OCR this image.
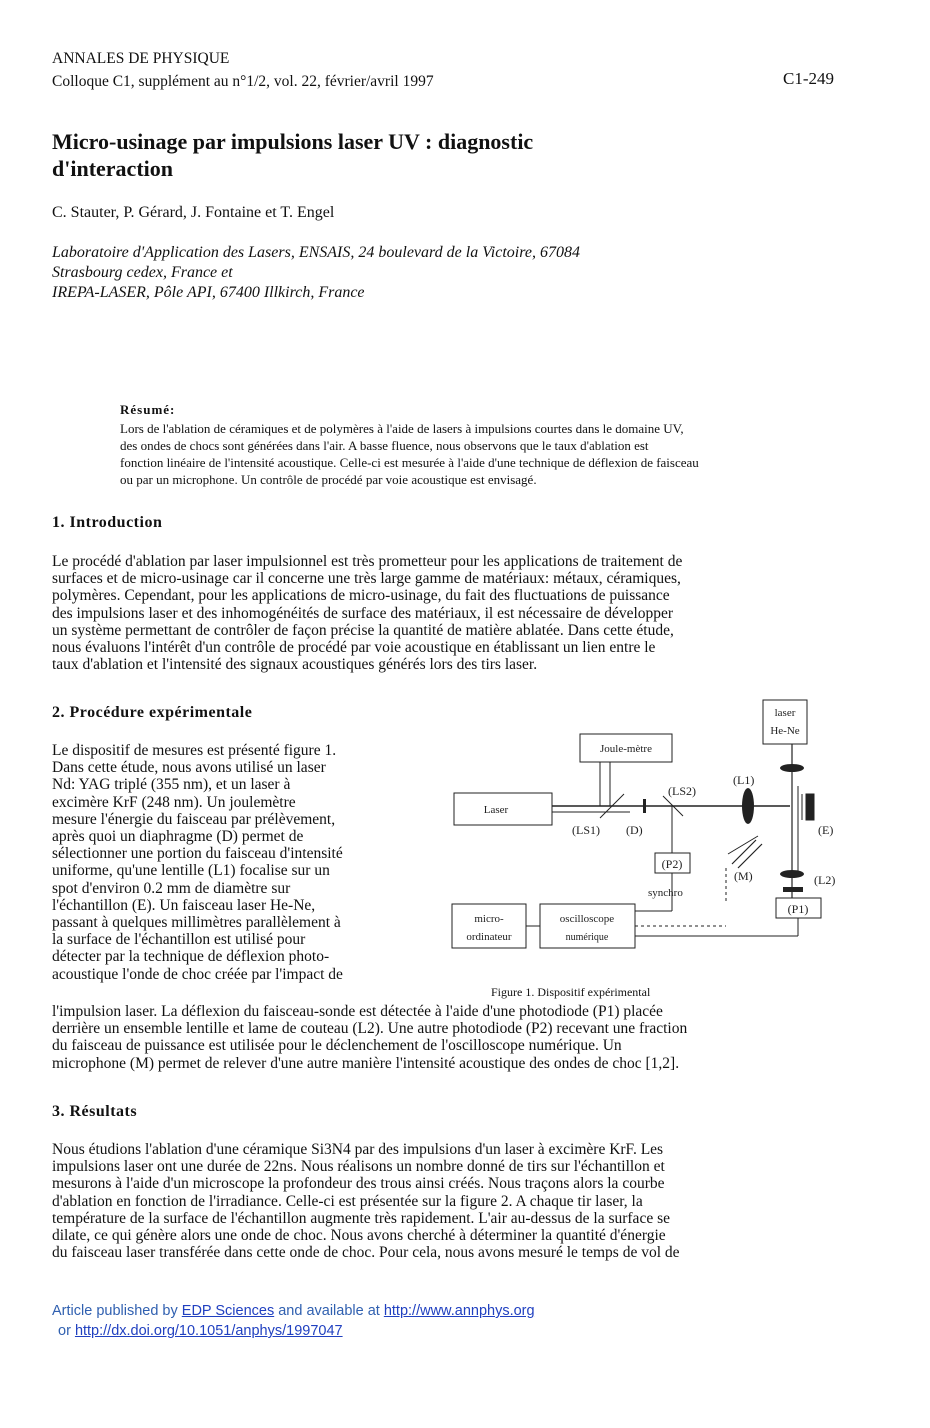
ANNALES DE PHYSIQUE
Colloque C1, supplément au n°1/2, vol. 22, février/avril 1997	C1-249
Micro-usinage par impulsions laser UV : diagnostic
d'interaction
C. Stauter, P. Gérard, J. Fontaine et T. Engel
Laboratoire d'Application des Lasers, ENSAIS, 24 boulevard de la Victoire, 67084
Strasbourg cedex, France et
IREPA-LASER, Pôle API, 67400 Illkirch, France
Résumé:
Lors de l'ablation de céramiques et de polymères à l'aide de lasers à impulsions courtes dans le domaine UV,
des ondes de chocs sont générées dans l'air. A basse fluence, nous observons que le taux d'ablation est
fonction linéaire de l'intensité acoustique. Celle-ci est mesurée à l'aide d'une technique de déflexion de faisceau
ou par un microphone. Un contrôle de procédé par voie acoustique est envisagé.
1. Introduction
Le procédé d'ablation par laser impulsionnel est très prometteur pour les applications de traitement de
surfaces et de micro-usinage car il concerne une très large gamme de matériaux: métaux, céramiques,
polymères. Cependant, pour les applications de micro-usinage, du fait des fluctuations de puissance
des impulsions laser et des inhomogénéités de surface des matériaux, il est nécessaire de développer
un système permettant de contrôler de façon précise la quantité de matière ablatée. Dans cette étude,
nous évaluons l'intérêt d'un contrôle de procédé par voie acoustique en établissant un lien entre le
taux d'ablation et l'intensité des signaux acoustiques générés lors des tirs laser.
2. Procédure expérimentale
Le dispositif de mesures est présenté figure 1.
Dans cette étude, nous avons utilisé un laser
Nd: YAG triplé (355 nm), et un laser à
excimère KrF (248 nm). Un joulemètre
mesure l'énergie du faisceau par prélèvement,
après quoi un diaphragme (D) permet de
sélectionner une portion du faisceau d'intensité
uniforme, qu'une lentille (L1) focalise sur un
spot d'environ 0.2 mm de diamètre sur
l'échantillon (E). Un faisceau laser He-Ne,
passant à quelques millimètres parallèlement à
la surface de l'échantillon est utilisé pour
détecter par la technique de déflexion photo-
acoustique l'onde de choc créée par l'impact de
l'impulsion laser. La déflexion du faisceau-sonde est détectée à l'aide d'une photodiode (P1) placée
derrière un ensemble lentille et lame de couteau (L2). Une autre photodiode (P2) recevant une fraction
du faisceau de puissance est utilisée pour le déclenchement de l'oscilloscope numérique. Un
microphone (M) permet de relever d'une autre manière l'intensité acoustique des ondes de choc [1,2].
laser
He-Ne
Joule-mètre
Laser
(LS2)
(L1)
(LS1) (D)	(E)
(P2)
(M)	(L2)
synchro
(P1)
micro-
ordinateur
oscilloscope
numérique
Figure 1. Dispositif expérimental
3. Résultats
Nous étudions l'ablation d'une céramique Si3N4 par des impulsions d'un laser à excimère KrF. Les
impulsions laser ont une durée de 22ns. Nous réalisons un nombre donné de tirs sur l'échantillon et
mesurons à l'aide d'un microscope la profondeur des trous ainsi créés. Nous traçons alors la courbe
d'ablation en fonction de l'irradiance. Celle-ci est présentée sur la figure 2. A chaque tir laser, la
température de la surface de l'échantillon augmente très rapidement. L'air au-dessus de la surface se
dilate, ce qui génère alors une onde de choc. Nous avons cherché à déterminer la quantité d'énergie
du faisceau laser transférée dans cette onde de choc. Pour cela, nous avons mesuré le temps de vol de
Article published by EDP Sciences and available at http://www.annphys.org
or http://dx.doi.org/10.1051/anphys/1997047
